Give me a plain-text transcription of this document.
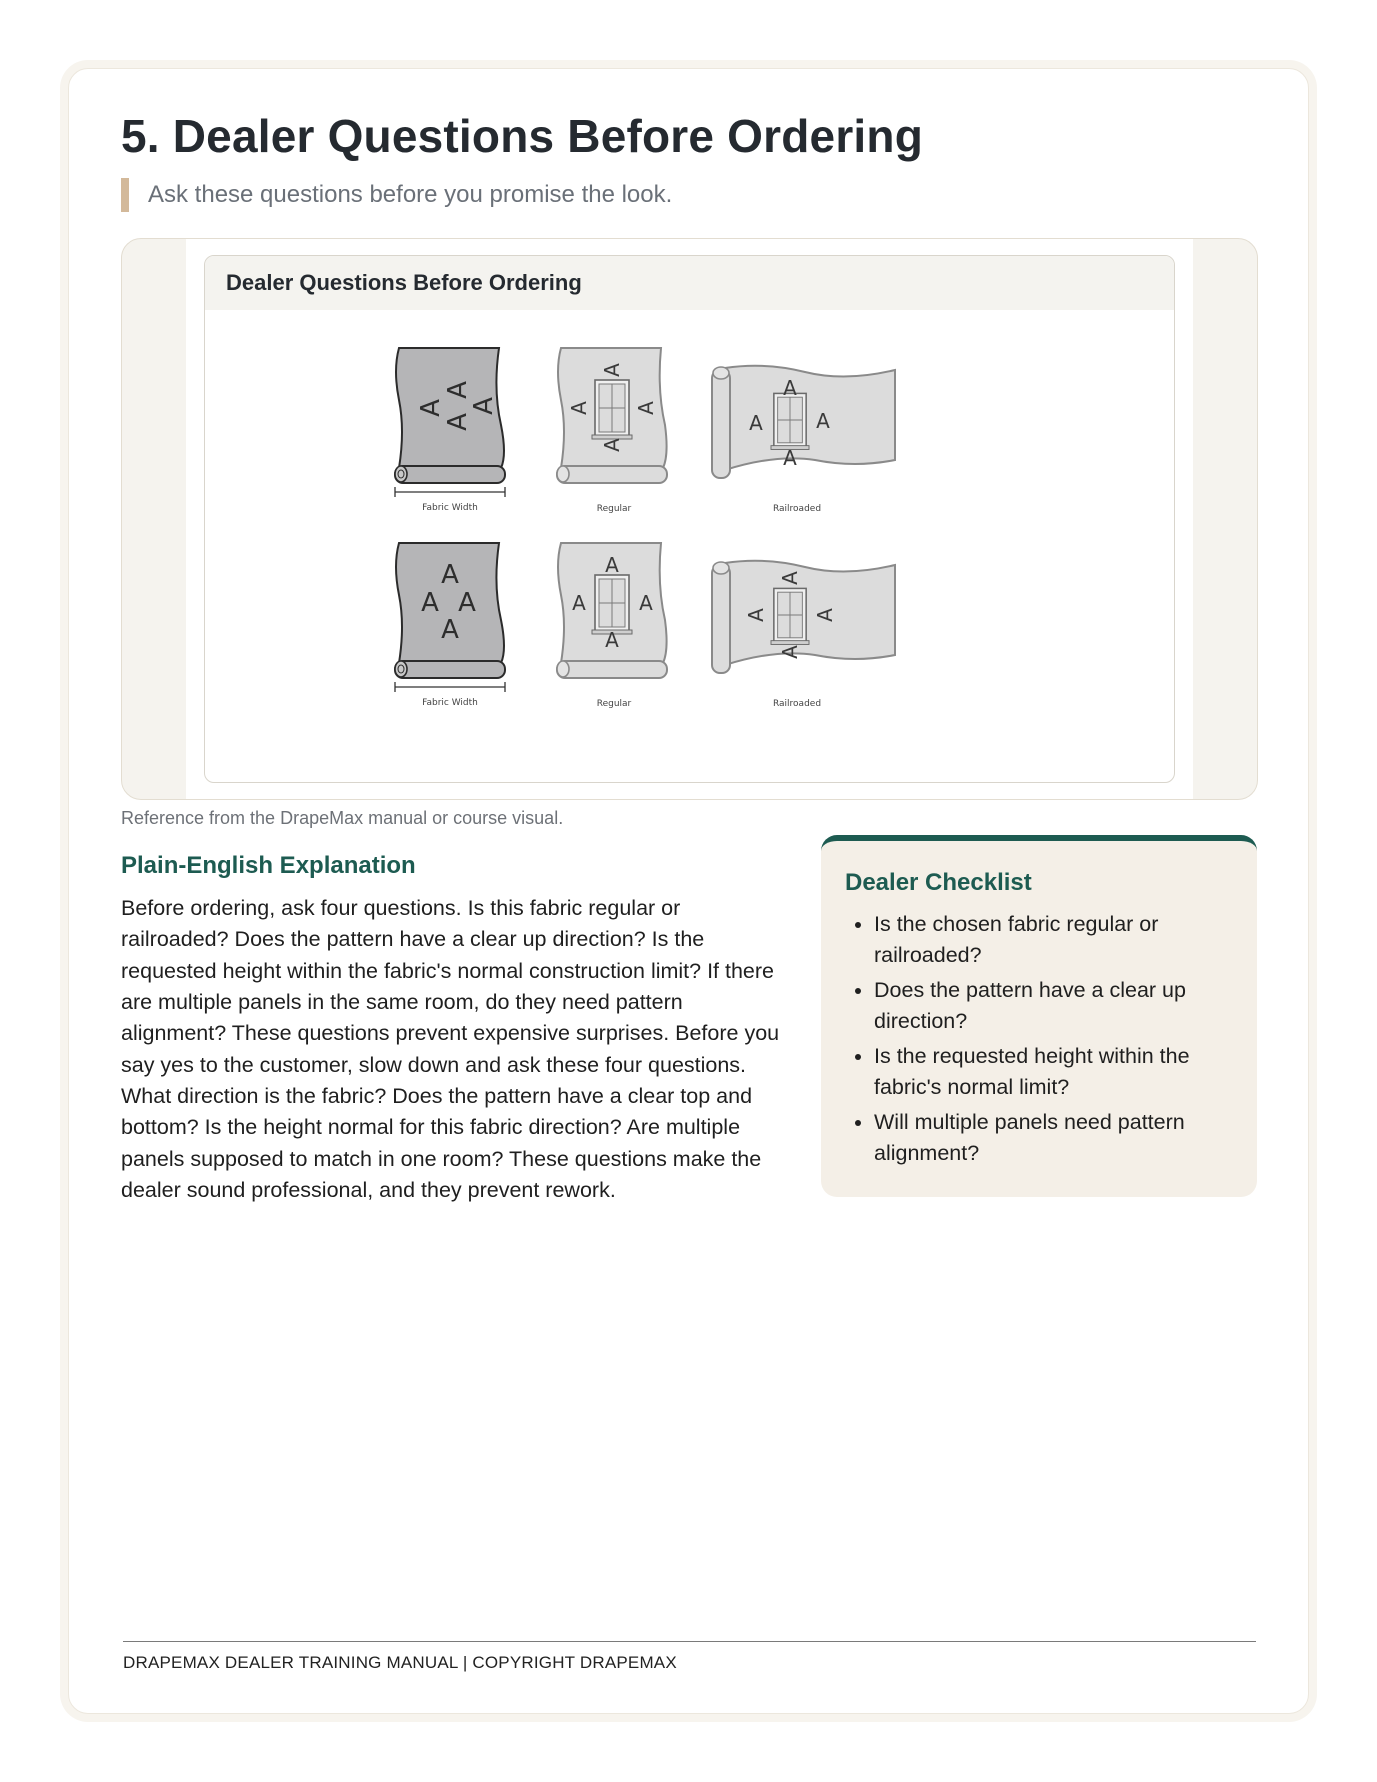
5. Dealer Questions Before Ordering
Ask these questions before you promise the look.
Dealer Questions Before Ordering
A
A
A
A
Fabric Width
A
A
A A
Regular
A
A
A	A
Railroaded
A
A A
A
Fabric Width
A
A
A	A
Regular
A
A
A A
Railroaded
Reference from the DrapeMax manual or course visual.
Plain-English Explanation

Before ordering, ask four questions. Is this fabric regular or railroaded? Does the pattern have a clear up direction? Is the requested height within the fabric's normal construction limit? If there are multiple panels in the same room, do they need pattern alignment? These questions prevent expensive surprises. Before you say yes to the customer, slow down and ask these four questions. What direction is the fabric? Does the pattern have a clear top and bottom? Is the height normal for this fabric direction? Are multiple panels supposed to match in one room? These questions make the dealer sound professional, and they prevent rework.

Dealer Checklist
• Is the chosen fabric regular or railroaded?
• Does the pattern have a clear up direction?
• Is the requested height within the fabric's normal limit?
• Will multiple panels need pattern alignment?
DRAPEMAX DEALER TRAINING MANUAL | COPYRIGHT DRAPEMAX
